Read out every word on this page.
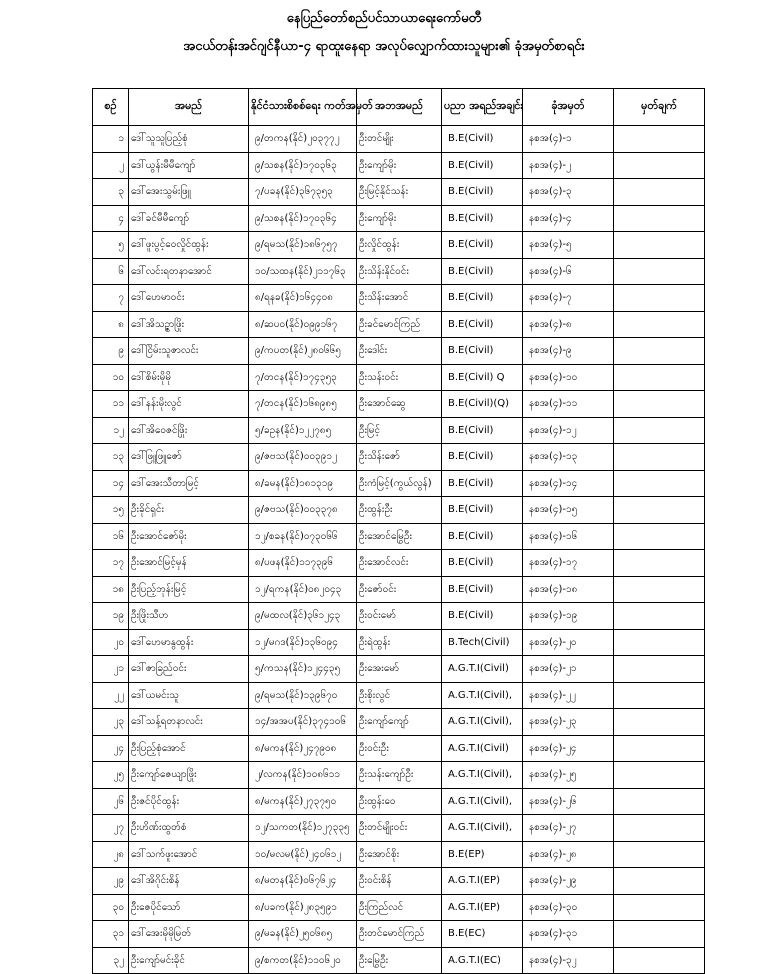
နေပြည်တော်စည်ပင်သာယာရေးကော်မတီ
အငယ်တန်းအင်ဂျင်နီယာ-၄ ရာထူးနေရာ အလုပ်လျှောက်ထားသူများ၏ ခုံအမှတ်စာရင်း
စဉ်	အမည်	နိုင်ငံသားစိစစ်ရေး ကတ်အမှတ်	အဘအမည်	ပညာ အရည်အချင်း	ခုံအမှတ်	မှတ်ချက်
၁	ဒေါ်သူသူပြည့်စုံ	၉/တကန(နိုင်)၂၀၃၇၇၂	ဦးတင်မျိုး	B.E(Civil)	နစအ(၄)-၁	
၂	ဒေါ်ယွန်းမီမီကျော်	၉/သစန(နိုင်)၁၇၀၃၆၃	ဦးကျော်မိုး	B.E(Civil)	နစအ(၄)-၂	
၃	ဒေါ်အေးသွမ်းဖြူ	၇/ပခန(နိုင်)၃၆၇၃၅၃	ဦးမြင့်နိုင်သန်း	B.E(Civil)	နစအ(၄)-၃	
၄	ဒေါ်ခင်မီမီကျော်	၉/သစန(နိုင်)၁၇၀၃၆၄	ဦးကျော်မိုး	B.E(Civil)	နစအ(၄)-၄	
၅	ဒေါ်ဖူးပွင့်ဝေလှိုင်ထွန်း	၉/ရမသ(နိုင်)၁၈၆၇၅၇	ဦးလှိုင်ထွန်း	B.E(Civil)	နစအ(၄)-၅	
၆	ဒေါ်လင်းရတနာအောင်	၁၀/သထန(နိုင်)၂၁၁၇၆၃	ဦးသိန်းနိုင်ဝင်း	B.E(Civil)	နစအ(၄)-၆	
၇	ဒေါ်ဟေမာဝင်း	၈/ရနခ(နိုင်)၁၆၄၄၀၈	ဦးသိန်းအောင်	B.E(Civil)	နစအ(၄)-၇	
၈	ဒေါ်အိသဉ္ဇာဖြိုး	၈/ဆပဝ(နိုင်)၀၉၉၁၆၇	ဦးခင်မောင်ကြည်	B.E(Civil)	နစအ(၄)-၈	
၉	ဒေါ်ငြိမ်းသူဇာလင်း	၉/ကပတ(နိုင်)၂၈၀၆၆၅	ဦးဒေါင်း	B.E(Civil)	နစအ(၄)-၉	
၁၀	ဒေါ်စိမ်းမိုမို	၇/တငန(နိုင်)၁၇၄၃၅၃	ဦးသန်းဝင်း	B.E(Civil) Q	နစအ(၄)-၁၀	
၁၁	ဒေါ်နန်းမိုးလွင်	၇/တငန(နိုင်)၁၆၈၉၈၅	ဦးအောင်ဆွေ	B.E(Civil)(Q)	နစအ(၄)-၁၁	
၁၂	ဒေါ်အိဝေဇင်ဖြိုး	၅/ခဥန(နိုင်)၁၂၂၇၈၅	ဦးမြင့်	B.E(Civil)	နစအ(၄)-၁၂	
၁၃	ဒေါ်ဖြူဖြူဇော်	၉/ဇဗသ(နိုင်)၀၀၃၉၁၂	ဦးသိန်းဇော်	B.E(Civil)	နစအ(၄)-၁၃	
၁၄	ဒေါ်အေးသီတာမြင့်	၈/ခမန(နိုင်)၁၈၁၃၁၉	ဦးကံမြင့်(ကွယ်လွန်)	B.E(Civil)	နစအ(၄)-၁၄	
၁၅	ဦးခိုင်ရှင်း	၉/ဇဗသ(နိုင်)၀၀၃၃၇၈	ဦးထွန်းဦး	B.E(Civil)	နစအ(၄)-၁၅	
၁၆	ဦးအောင်ဇော်မိုး	၁၂/စခန(နိုင်)၀၇၃၀၆၆	ဦးအောင်မြွေဦး	B.E(Civil)	နစအ(၄)-၁၆	
၁၇	ဦးအောင်မြင့်မှန်	၈/ပဖန(နိုင်)၁၁၇၃၉၆	ဦးအောင်လင်း	B.E(Civil)	နစအ(၄)-၁၇	
၁၈	ဦးပြည့်ဘုန်းမြင့်	၁၂/ရကန(နိုင်)၀၈၂၀၄၃	ဦးဇော်ဝင်း	B.E(Civil)	နစအ(၄)-၁၈	
၁၉	ဦးဖြိုးသီဟ	၉/မထလ(နိုင်)၃၆၁၂၄၃	ဦးဝင်းမော်	B.E(Civil)	နစအ(၄)-၁၉	
၂၀	ဒေါ်ဟေမာနွထွန်း	၁၂/မဂဒ(နိုင်)၁၃၆၀၉၄	ဦးရဲထွန်း	B.Tech(Civil)	နစအ(၄)-၂၀	
၂၁	ဒေါ်ဇာခြည်ဝင်း	၅/ကသန(နိုင်)၁၂၄၄၃၅	ဦးအေးမော်	A.G.T.I(Civil)	နစအ(၄)-၂၁	
၂၂	ဒေါ်ယမင်းသူ	၉/ရမသ(နိုင်)၁၃၉၆၇၀	ဦးစိုးလွင်	A.G.T.I(Civil),	နစအ(၄)-၂၂	
၂၃	ဒေါ်သန့်ရတနာလင်း	၁၄/အအပ(နိုင်)၃၇၄၁၀၆	ဦးကျော်ကျော်	A.G.T.I(Civil),	နစအ(၄)-၂၃	
၂၄	ဦးပြည့်စုံအောင်	၈/မကန(နိုင်)၂၄၇၉၀၈	ဦးဝင်းဦး	A.G.T.I(Civil)	နစအ(၄)-၂၄	
၂၅	ဦးကျော်ဇေယျာဖြိုး	၂/လကန(နိုင်)၁၀၈၆၁၁	ဦးသန်းကျော်ဦး	A.G.T.I(Civil),	နစအ(၄)-၂၅	
၂၆	ဦးဇင်ပိုင်ထွန်း	၈/မကန(နိုင်)၂၇၃၇၅၀	ဦးထွန်းဝေ	A.G.T.I(Civil),	နစအ(၄)-၂၆	
၂၇	ဦးဟိဏ်းထွတ်စံ	၁၂/သကတ(နိုင်)၁၂၇၃၃၅	ဦးတင်မျိုးဝင်း	A.G.T.I(Civil),	နစအ(၄)-၂၇	
၂၈	ဒေါ်သက်ဖူးအောင်	၁၀/မလမ(နိုင်)၂၄၀၆၁၂	ဦးအောင်စိုး	B.E(EP)	နစအ(၄)-၂၈	
၂၉	ဒေါ်အိဂိုင်းစိန်	၈/မတန(နိုင်)၀၆၇၆၂၄	ဦးဝင်းစိန်	A.G.T.I(EP)	နစအ(၄)-၂၉	
၃၀	ဦးဇေပိုင်သော်	၈/ပခက(နိုင်)၂၈၃၅၉၁	ဦးကြည်လင်	A.G.T.I(EP)	နစအ(၄)-၃၀	
၃၁	ဒေါ်အေးမိုမိုမြတ်	၉/မခန(နိုင်)၂၅၀၆၈၅	ဦးတင်မောင်ကြည်	B.E(EC)	နစအ(၄)-၃၁	
၃၂	ဦးကျော်မင်းခိုင်	၉/စကတ(နိုင်)၁၁၀၆၂၀	ဦးမြွေဦး	A.G.T.I(EC)	နစအ(၄)-၃၂	
